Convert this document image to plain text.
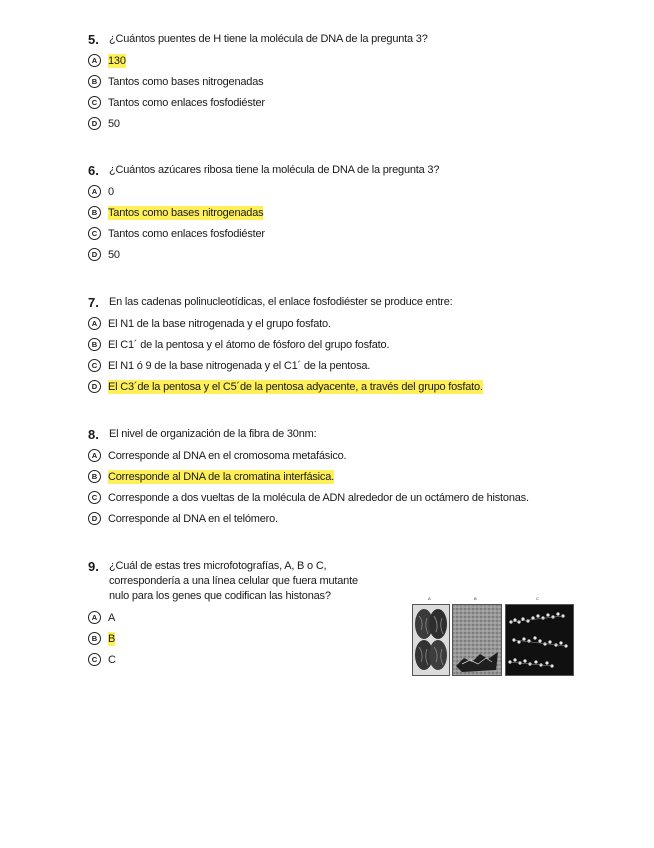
5. ¿Cuántos puentes de H tiene la molécula de DNA de la pregunta 3?
A 130
B Tantos como bases nitrogenadas
C Tantos como enlaces fosfodiéster
D 50
6. ¿Cuántos azúcares ribosa tiene la molécula de DNA de la pregunta 3?
A 0
B Tantos como bases nitrogenadas
C Tantos como enlaces fosfodiéster
D 50
7. En las cadenas polinucleotídicas, el enlace fosfodiéster se produce entre:
A El N1 de la base nitrogenada y el grupo fosfato.
B El C1´ de la pentosa y el átomo de fósforo del grupo fosfato.
C El N1 ó 9 de la base nitrogenada y el C1´ de la pentosa.
D El C3´de la pentosa y el C5´de la pentosa adyacente, a través del grupo fosfato.
8. El nivel de organización de la fibra de 30nm:
A Corresponde al DNA en el cromosoma metafásico.
B Corresponde al DNA de la cromatina interfásica.
C Corresponde a dos vueltas de la molécula de ADN alrededor de un octámero de histonas.
D Corresponde al DNA en el telómero.
9. ¿Cuál de estas tres microfotografías, A, B o C,
correspondería a una línea celular que fuera mutante
nulo para los genes que codifican las histonas?
A A
B B
C C
A	B	C
